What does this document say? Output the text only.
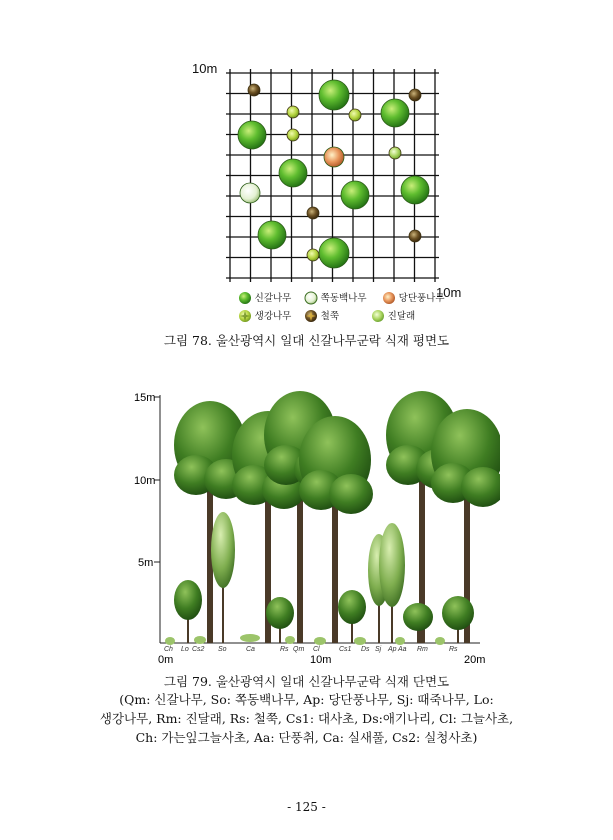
10m
10m
신갈나무	쪽동백나무	당단풍나무
생강나무	철쭉	진달래
그림 78. 울산광역시 일대 신갈나무군락 식재 평면도
15m
10m
5m
Ch Lo Cs2 So	Ca	Rs Qm Cl	Cs1 Ds Sj Ap Aa Rm	Rs
0m	10m	20m
그림 79. 울산광역시 일대 신갈나무군락 식재 단면도
(Qm: 신갈나무, So: 쪽동백나무, Ap: 당단풍나무, Sj: 때죽나무, Lo:
생강나무, Rm: 진달래, Rs: 철쭉, Cs1: 대사초, Ds:애기나리, Cl: 그늘사초,
Ch: 가는잎그늘사초, Aa: 단풍취, Ca: 실새풀, Cs2: 실청사초)
- 125 -
